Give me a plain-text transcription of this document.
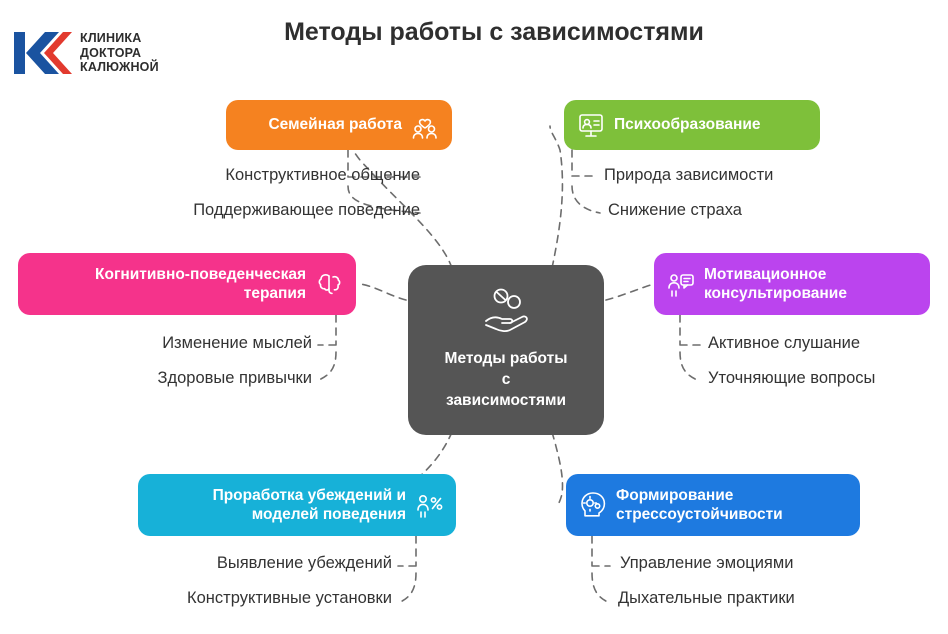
КЛИНИКА
ДОКТОРА
КАЛЮЖНОЙ
Методы работы с зависимостями
Методы работы
с
зависимостями
Семейная работа
Конструктивное общение
Поддерживающее поведение
Психообразование
Природа зависимости
Снижение страха
Когнитивно-поведенческая
терапия
Изменение мыслей
Здоровые привычки
Мотивационное
консультирование
Активное слушание
Уточняющие вопросы
Проработка убеждений и
моделей поведения
Выявление убеждений
Конструктивные установки
Формирование
стрессоустойчивости
Управление эмоциями
Дыхательные практики
